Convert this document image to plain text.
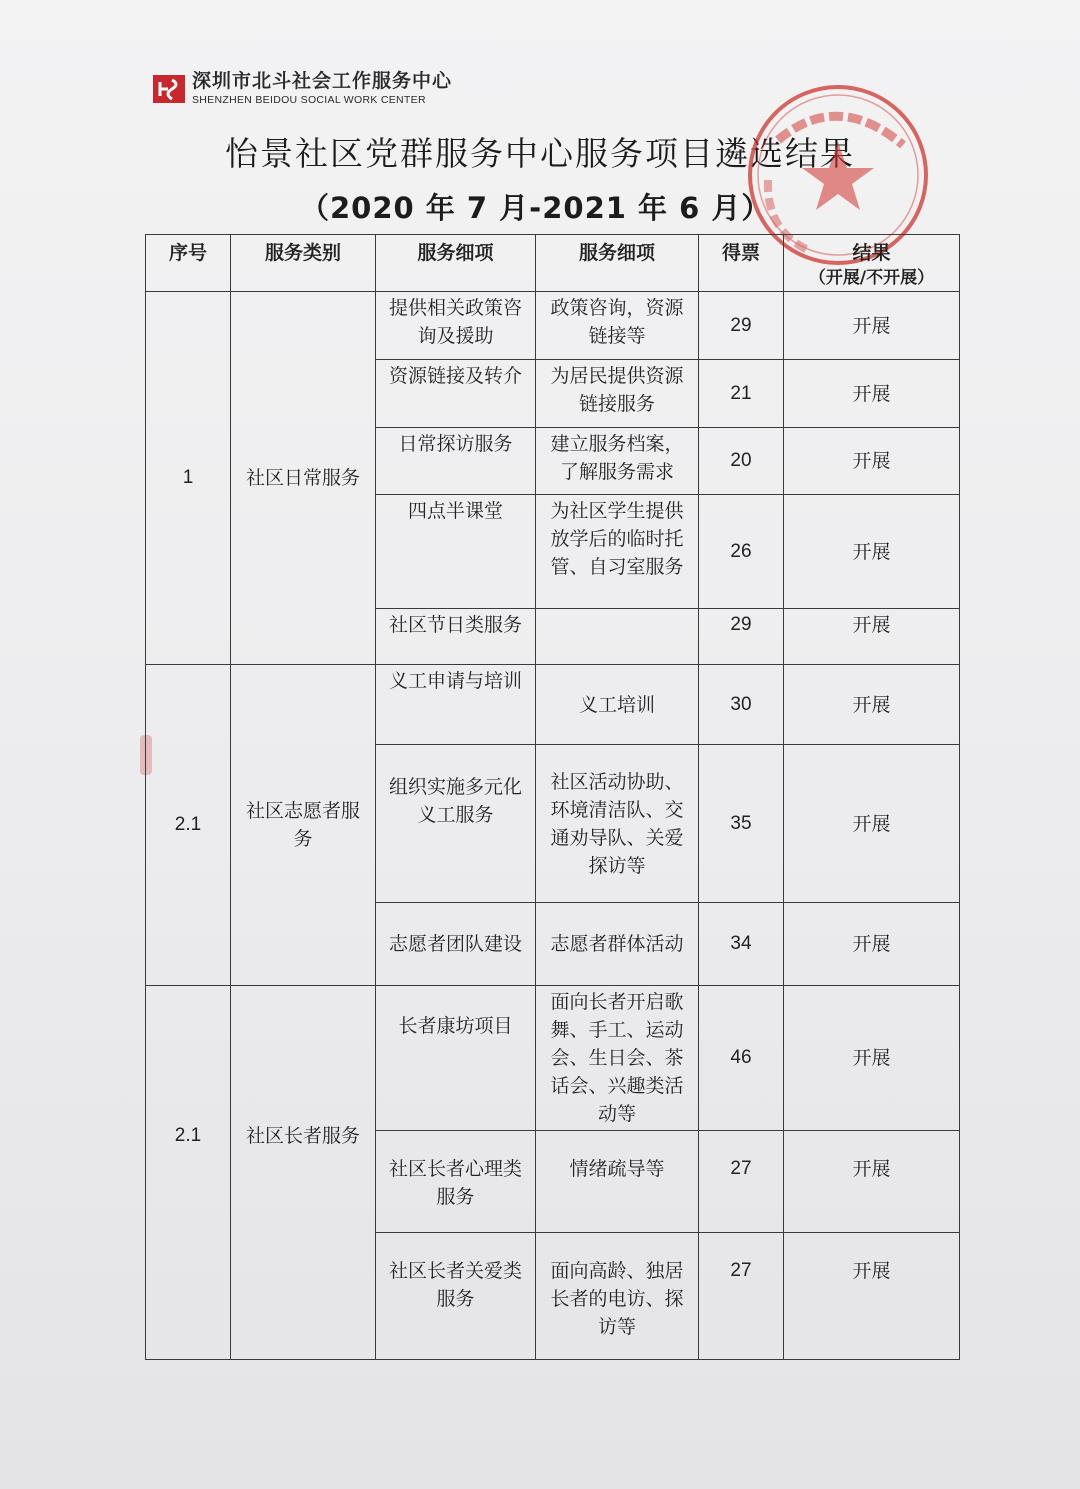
深圳市北斗社会工作服务中心
SHENZHEN BEIDOU SOCIAL WORK CENTER
怡景社区党群服务中心服务项目遴选结果
（2020 年 7 月-2021 年 6 月）
序号	服务类别	服务细项	服务细项	得票	结果
（开展/不开展）

1	社区日常服务	提供相关政策咨询及援助	政策咨询，资源链接等	29	开展
		资源链接及转介	为居民提供资源链接服务	21	开展
		日常探访服务	建立服务档案，了解服务需求	20	开展
		四点半课堂	为社区学生提供放学后的临时托管、自习室服务	26	开展
		社区节日类服务		29	开展
2.1	社区志愿者服务	义工申请与培训	义工培训	30	开展
		组织实施多元化义工服务	社区活动协助、环境清洁队、交通劝导队、关爱探访等	35	开展
		志愿者团队建设	志愿者群体活动	34	开展
2.1	社区长者服务	长者康坊项目	面向长者开启歌舞、手工、运动会、生日会、茶话会、兴趣类活动等	46	开展
		社区长者心理类服务	情绪疏导等	27	开展
		社区长者关爱类服务	面向高龄、独居长者的电访、探访等	27	开展
